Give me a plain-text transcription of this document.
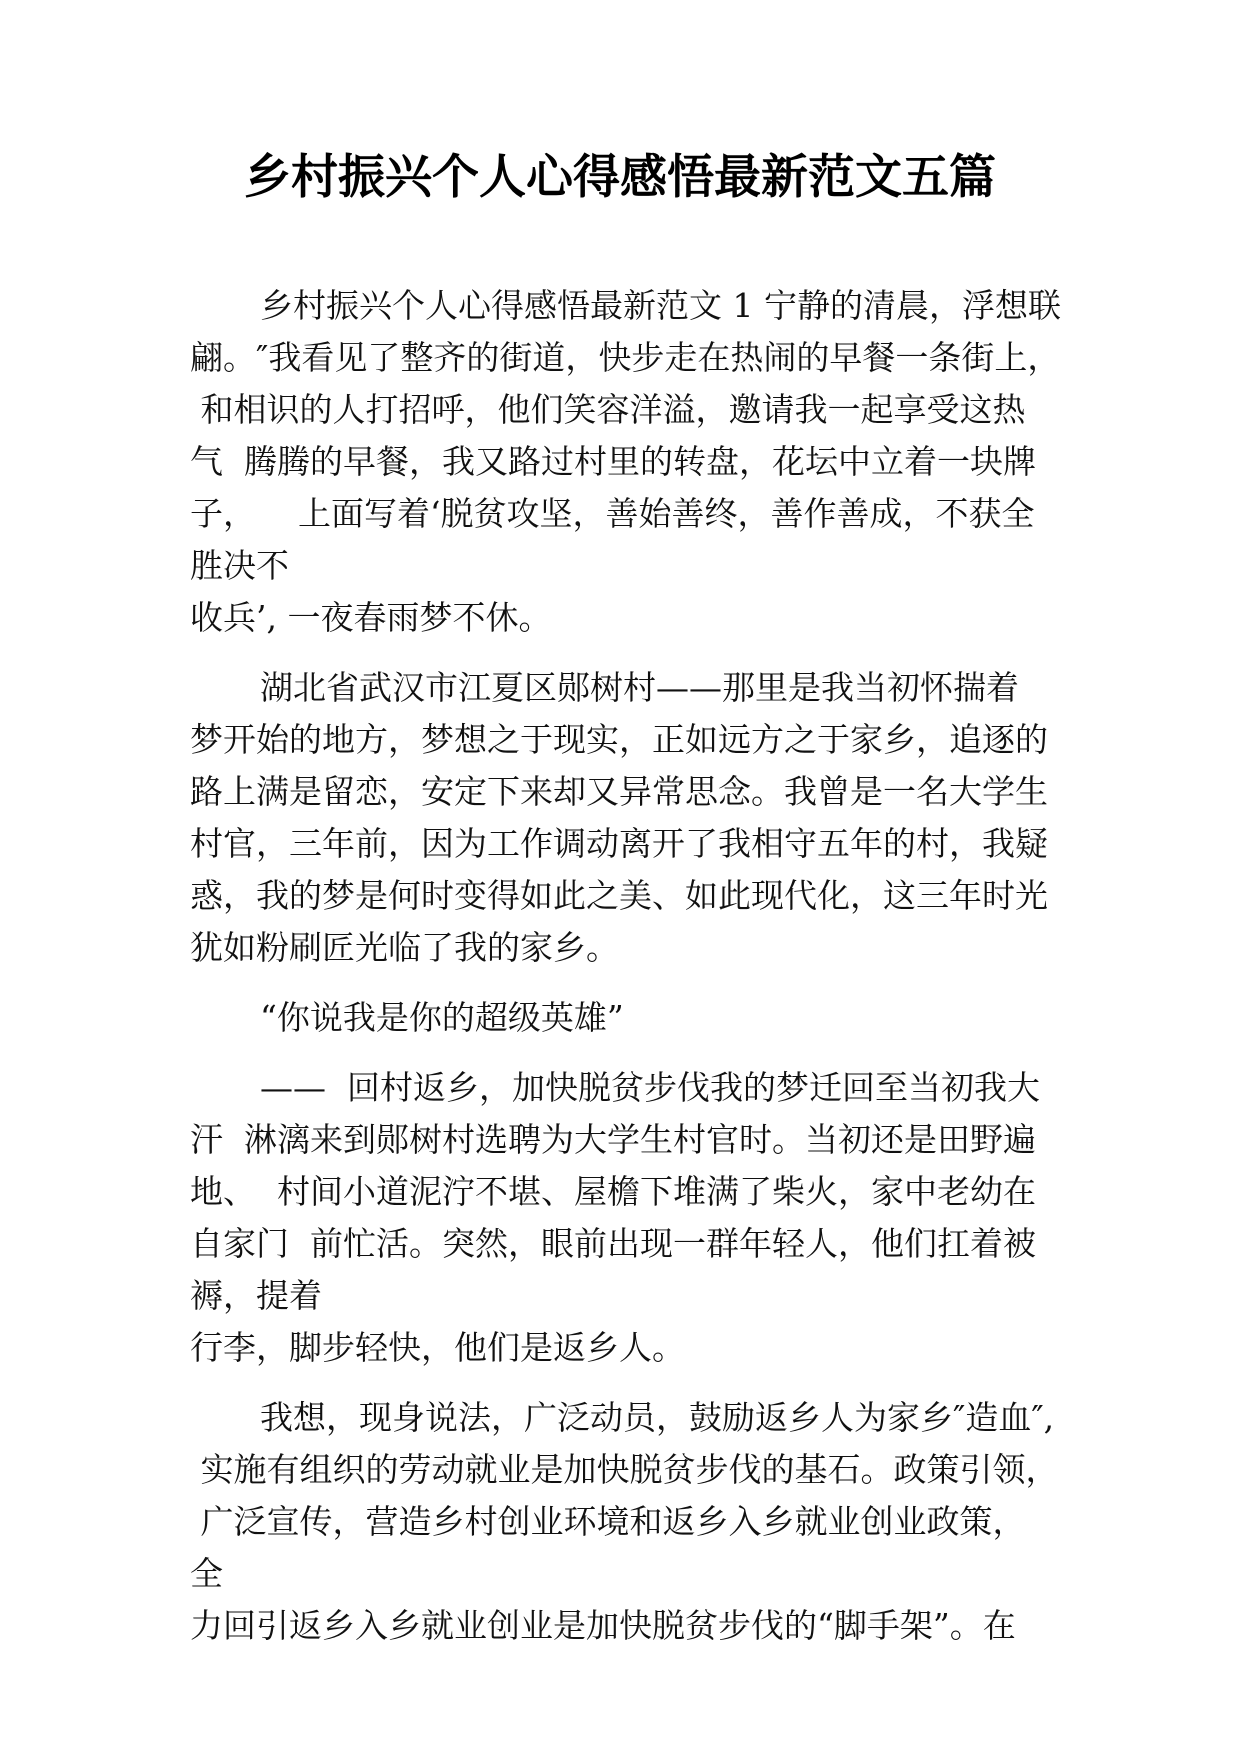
乡村振兴个人心得感悟最新范文五篇
乡村振兴个人心得感悟最新范文 1 宁静的清晨，浮想联
翩。″我看见了整齐的街道，快步走在热闹的早餐一条街上，
和相识的人打招呼，他们笑容洋溢，邀请我一起享受这热
气  腾腾的早餐，我又路过村里的转盘，花坛中立着一块牌
子，    上面写着‘脱贫攻坚，善始善终，善作善成，不获全
胜决不
收兵’, 一夜春雨梦不休。
湖北省武汉市江夏区郧树村——那里是我当初怀揣着
梦开始的地方，梦想之于现实，正如远方之于家乡，追逐的
路上满是留恋，安定下来却又异常思念。我曾是一名大学生
村官，三年前，因为工作调动离开了我相守五年的村，我疑
惑，我的梦是何时变得如此之美、如此现代化，这三年时光
犹如粉刷匠光临了我的家乡。
“你说我是你的超级英雄”
——  回村返乡，加快脱贫步伐我的梦迁回至当初我大
汗  淋漓来到郧树村选聘为大学生村官时。当初还是田野遍
地、  村间小道泥泞不堪、屋檐下堆满了柴火，家中老幼在
自家门  前忙活。突然，眼前出现一群年轻人，他们扛着被
褥，提着
行李，脚步轻快，他们是返乡人。
我想，现身说法，广泛动员，鼓励返乡人为家乡″造血″,
实施有组织的劳动就业是加快脱贫步伐的基石。政策引领，
广泛宣传，营造乡村创业环境和返乡入乡就业创业政策，
全
力回引返乡入乡就业创业是加快脱贫步伐的“脚手架”。在
